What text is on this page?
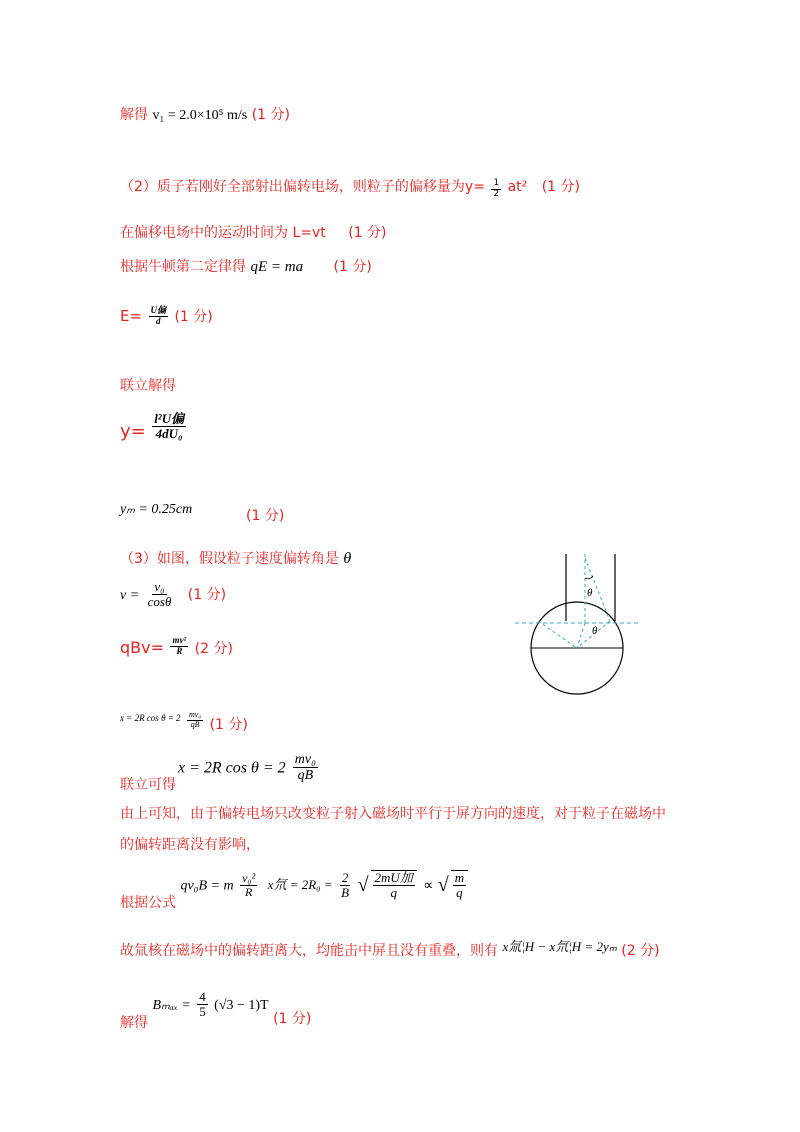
解得 v₁ = 2.0×10⁵ m/s (1 分)
（2）质子若刚好全部射出偏转电场，则粒子的偏移量为$y= \frac{1}{2} at^2$ (1 分)
在偏移电场中的运动时间为 L=vt (1 分)
根据牛顿第二定律得 qE = ma (1 分)
$E= \frac{\text{U偏}}{d} (1$ 分)
联立解得
$y= \frac{\text{l²U偏}}{\text{4dU₀}}$
yₘ = 0.25cm	(1 分)
（3）如图，假设粒子速度偏转角是 θ
$v = \frac{\text{v₀}}{\cos\theta} (1$ 分)
$qBv= \frac{\text{mv²}}{R} (2$ 分)
x = 2R $\cos \theta = 2 \frac{\text{mv₀}}{qB} (1$ 分)
x = 2R $\cos \theta = 2 \frac{\text{mv₀}}{qB}$
联立可得
由上可知，由于偏转电场只改变粒子射入磁场时平行于屏方向的速度，对于粒子在磁场中
的偏转距离没有影响，
根据公式 qv₀B = m $\frac{\text{v₀²}}{R}$ x氘 = $2R_0 = \frac{2}{B}$ √ $\frac{\text{2mU加}}{q}$ ∝ √ $\frac{m}{q}$
故氚核在磁场中的偏转距离大，均能击中屏且没有重叠，则有 x氚¦H − x氘¦H = 2yₘ (2 分)
解得 $B_{max} = \frac{4}{5} (√3 - 1)T$ (1 分)
θ
θ
